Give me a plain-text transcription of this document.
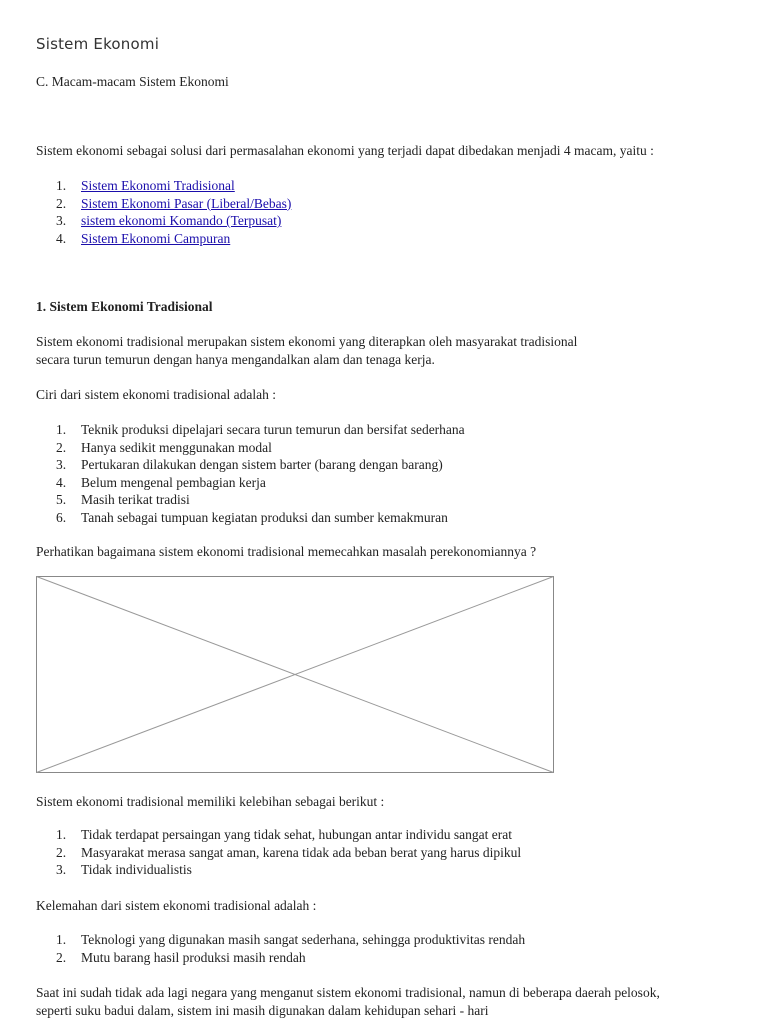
Sistem Ekonomi
C. Macam-macam Sistem Ekonomi
Sistem ekonomi sebagai solusi dari permasalahan ekonomi yang terjadi dapat dibedakan menjadi 4 macam, yaitu :
1.	Sistem Ekonomi Tradisional
2.	Sistem Ekonomi Pasar (Liberal/Bebas)
3.	sistem ekonomi Komando (Terpusat)
4.	Sistem Ekonomi Campuran
1. Sistem Ekonomi Tradisional
Sistem ekonomi tradisional merupakan sistem ekonomi yang diterapkan oleh masyarakat tradisional
secara turun temurun dengan hanya mengandalkan alam dan tenaga kerja.
Ciri dari sistem ekonomi tradisional adalah :
1.	Teknik produksi dipelajari secara turun temurun dan bersifat sederhana
2.	Hanya sedikit menggunakan modal
3.	Pertukaran dilakukan dengan sistem barter (barang dengan barang)
4.	Belum mengenal pembagian kerja
5.	Masih terikat tradisi
6.	Tanah sebagai tumpuan kegiatan produksi dan sumber kemakmuran
Perhatikan bagaimana sistem ekonomi tradisional memecahkan masalah perekonomiannya ?
Sistem ekonomi tradisional memiliki kelebihan sebagai berikut :
1.	Tidak terdapat persaingan yang tidak sehat, hubungan antar individu sangat erat
2.	Masyarakat merasa sangat aman, karena tidak ada beban berat yang harus dipikul
3.	Tidak individualistis
Kelemahan dari sistem ekonomi tradisional adalah :
1.	Teknologi yang digunakan masih sangat sederhana, sehingga produktivitas rendah
2.	Mutu barang hasil produksi masih rendah
Saat ini sudah tidak ada lagi negara yang menganut sistem ekonomi tradisional, namun di beberapa daerah pelosok,
seperti suku badui dalam, sistem ini masih digunakan dalam kehidupan sehari - hari
